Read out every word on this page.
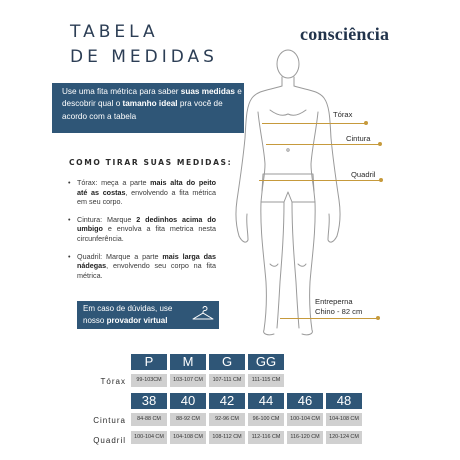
TABELA
DE MEDIDAS
consciência
Use uma fita métrica para saber suas medidas e descobrir qual o tamanho ideal pra você de acordo com a tabela
COMO TIRAR SUAS MEDIDAS:
• Tórax: meça a parte mais alta do peito até as costas, envolvendo a fita métrica em seu corpo.
• Cintura: Marque 2 dedinhos acima do umbigo e envolva a fita metrica nesta circunferência.
• Quadril: Marque a parte mais larga das nádegas, envolvendo seu corpo na fita métrica.
Em caso de dúvidas, use
nosso provador virtual
Tórax
Cintura
Quadril
Entreperna
Chino - 82 cm
P	M	G	GG
Tórax	99-103CM	103-107 CM	107-111 CM	111-115 CM
38	40	42	44	46	48
Cintura	84-88 CM	88-92 CM	92-96 CM	96-100 CM	100-104 CM	104-108 CM
Quadril	100-104 CM	104-108 CM	108-112 CM	112-116 CM	116-120 CM	120-124 CM
